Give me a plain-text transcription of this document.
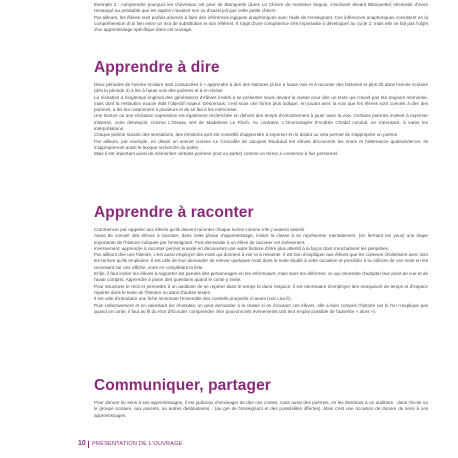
Exemple 2 : comprendre pourquoi les chèvreaux ont peur de Blanquette (dans La Chèvre de monsieur Seguin, s'inclinent devant Blanquette) nécessite d'avoir remarqué au préalable que les sapins n'avaient rien vu d'aussi joli que cette petite chèvre.

Par ailleurs, les élèves sont parfois amenés à faire des inférences logiques anaphoriques avec l'aide de l'enseignant. Ces inférences anaphoriques consistent en la compréhension d'un lien entre un mot de substitution et son référent. Il s'agit d'une compétence très importante à développer au cycle 2, mais elle ne fait pas l'objet d'un apprentissage spécifique dans cet ouvrage.

Apprendre à dire

Deux périodes de l'année scolaire sont consacrées à « apprendre à dire des histoires (à lire à haute voix et à raconter des histoires et plus tôt dans l'année scolaire (dès la période 2) à lire à haute voix des poèmes et à en réciter.

La récitation a longtemps englouti des générations d'élèves invités à se présenter seuls devant la classe pour dire un texte qui n'avait pas été toujours mémorisé, mais dont la restitution exacte était l'objectif majeur. Désormais, c'est sous une forme plus ludique, en jouant avec la voix que les élèves sont conviés à dire des poèmes, à les lire notamment à plusieurs et de se fait à les mémoriser.

Une lecture ou une récitation expressive est également recherchée en dehors des temps d'entraînement à jouer avec la voix. Certains poèmes invitent à exprimer tristesse, voire désespoir, comme L'Oiseau vert de Madeleine Le Floch. Au contraire, L'Onomatopée d'Andrée Chedid conduit, en s'amusant, à varier les interprétations.

Chaque poème suscite des sensations, des émotions qu'il est conseillé d'apprendre à exprimer en le disant ou cela permet de s'approprier un poème.

Par ailleurs, par exemple, en disant un sonnet comme Le Crocodile de Jacques Roubaud les élèves découvrent les rimes et l'alternance quatrain/tercet. Ils s'approprieront aussi le lexique recherché du poète.

Mais il est important aussi de mémoriser certains poèmes (tout ou partie) comme un trésor à conserver à fois personnel.

Apprendre à raconter

Commencer par rappeler aux élèves qu'ils doivent raconter chaque scène comme s'ils y avaient assisté.

Avant de convier des élèves à raconter, dans cette phase d'apprentissage, inviter la classe à se représenter mentalement, (en fermant les yeux) une étape importante de l'histoire indiquée par l'enseignant. Puis demander à un élève de raconter cet événement.

Inversement, apprendre à raconter permet ensuite en découvrant une autre histoire d'être plus attentif à la façon dont s'enchaînent les péripéties.

Par ailleurs dire une histoire, c'est aussi employer des mots qui donnent à voir et à ressentir. Il est bon d'expliquer aux élèves que les conteurs choisissent avec soin les termes qu'ils emploient. Il est utile de leur demander de relever quelques mots dans le texte étudié à cette occasion et procéder à la collecte de ces mots en les recensant sur une affiche, voire en complétant la liste.

Enfin, il faut inviter les élèves à rapporter les paroles des personnages en les reformulant, mais sans les déformer, ce qui nécessite d'adopter leur point de vue et de l'avoir compris. Apprendre à poser des questions quand le conte y invite.

Pour structurer le récit et permettre à un auditoire de se repérer dans le temps et dans l'espace, il est nécessaire d'employer des marqueurs de temps et d'espace repérés dans le texte de l'histoire ou dans d'autres textes.

Il est utile d'introduire une fiche recensant l'ensemble des conseils proposés ci-avant (voir Lea.fr).

Puis collectivement et en valorisant les réussites, un peut demander à la classe si en écoutant ces élèves, elle a bien compris l'histoire car si l'on n'explique pas quand on conte, il faut au fil du récit d'Écouter, comprendre, être pouvons tels événements unit leur emploi possible de l'adverbe « alors »).

Communiquer, partager

Pour donner du sens à ses apprentissages, il est judicieux d'envisager de dire ces contes, mais aussi des poèmes, en les destinant à un auditoire : dans l'école ou le groupe scolaire, aux parents, ou autres destinataires... (au gré de l'enseignant et des possibilités offertes). Mais c'est une occasion de donner du sens à ces apprentissages.

10 PRÉSENTATION DE L'OUVRAGE
